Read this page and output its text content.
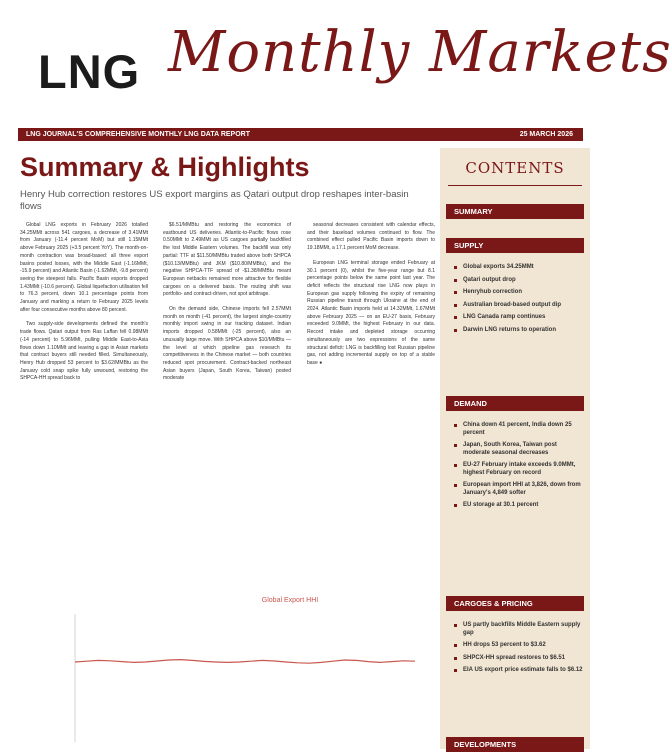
LNG Monthly Markets
LNG JOURNAL'S COMPREHENSIVE MONTHLY LNG DATA REPORT	25 MARCH 2026
Summary & Highlights
Henry Hub correction restores US export margins as Qatari output drop reshapes inter-basin flows

Global LNG exports in February 2026 totalled 34.25MMt across 541 cargoes, a decrease of 3.41MMt from January (-11.4 percent MoM) but still 1.15MMt above February 2025 (+3.5 percent YoY). The month-on-month contraction was broad-based: all three export basins posted losses, with the Middle East (-1.16MMt, -15.9 percent) and Atlantic Basin (-1.62MMt, -9.8 percent) seeing the steepest falls. Pacific Basin exports dropped 1.43MMt (-10.6 percent). Global liquefaction utilisation fell to 76.3 percent, down 10.1 percentage points from January and marking a return to February 2025 levels after four consecutive months above 80 percent.

Two supply-side developments defined the month's trade flows. Qatari output from Ras Laffan fell 0.98MMt (-14 percent) to 5.96MMt, pulling Middle East-to-Asia flows down 1.10MMt and leaving a gap in Asian markets that contract buyers still needed filled. Simultaneously, Henry Hub dropped 53 percent to $3.62/MMBtu as the January cold snap spike fully unwound, restoring the SHPCA-HH spread back to

$6.51/MMBtu and restoring the economics of eastbound US deliveries. Atlantic-to-Pacific flows rose 0.50MMt to 2.49MMt as US cargoes partially backfilled the lost Middle Eastern volumes. The backfill was only partial: TTF at $11.50/MMBtu traded above both SHPCA ($10.13/MMBtu) and JKM ($10.80/MMBtu), and the negative SHPCA-TTF spread of -$1.38/MMBtu meant European netbacks remained more attractive for flexible cargoes on a delivered basis. The routing shift was portfolio- and contract-driven, not spot arbitrage.

On the demand side, Chinese imports fell 2.57MMt month on month (-41 percent), the largest single-country monthly import swing in our tracking dataset. Indian imports dropped 0.58MMt (-25 percent), also an unusually large move. With SHPCA above $10/MMBtu — the level at which pipeline gas research its competitiveness in the Chinese market — both countries reduced spot procurement. Contract-backed northeast Asian buyers (Japan, South Korea, Taiwan) posted moderate

seasonal decreases consistent with calendar effects, and their baseload volumes continued to flow. The combined effect pulled Pacific Basin imports down to 19.18MMt, a 17.1 percent MoM decrease.

European LNG terminal storage ended February at 30.1 percent (0), whilst the five-year range but 8.1 percentage points below the same point last year. The deficit reflects the structural rise LNG now plays in European gas supply following the expiry of remaining Russian pipeline transit through Ukraine at the end of 2024. Atlantic Basin imports held at 14.32MMt, 1.67MMt above February 2025 — on an EU-27 basis, February exceeded 9.0MMt, the highest February in our data. Record intake and depleted storage occurring simultaneously are two expressions of the same structural deficit: LNG is backfilling lost Russian pipeline gas, not adding incremental supply on top of a stable base ●

Global Export HHI
CONTENTS
SUMMARY
SUPPLY
Global exports 34.25MMt
Qatari output drop
Henryhub correction
Australian broad-based output dip
LNG Canada ramp continues
Darwin LNG returns to operation
DEMAND
China down 41 percent, India down 25 percent
Japan, South Korea, Taiwan post moderate seasonal decreases
EU-27 February intake exceeds 9.0MMt, highest February on record
European import HHI at 3,826, down from January's 4,849 softer
EU storage at 30.1 percent
CARGOES & PRICING
US partly backfills Middle Eastern supply gap
HH drops 53 percent to $3.62
SHPCX-HH spread restores to $6.51
EIA US export price estimate falls to $6.12
DEVELOPMENTS
